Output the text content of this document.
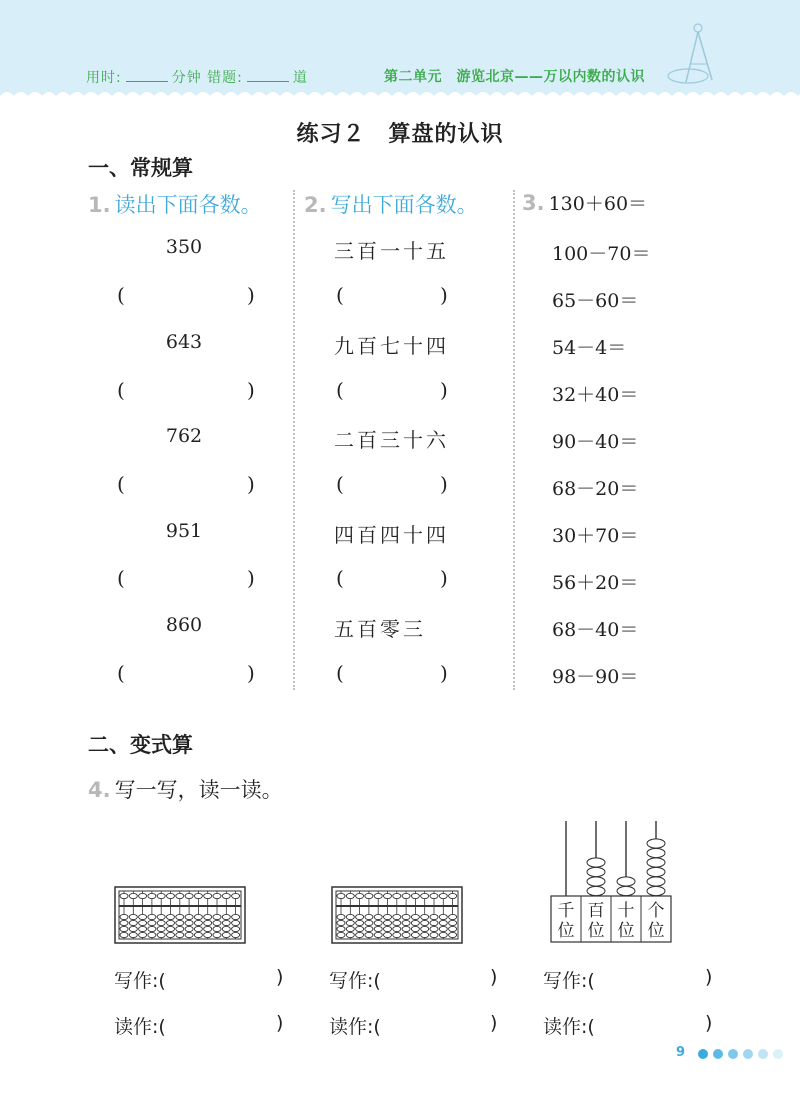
用时:	分钟 错题:	道	第二单元　游览北京——万以内数的认识
练习２　算盘的认识
一、常规算
1. 读出下面各数。 2. 写出下面各数。 3. 130＋60＝
350
(	)
643
(	)
762
(	)
951
(	)
860
(	)
三百一十五
(	)
九百七十四
(	)
二百三十六
(	)
四百四十四
(	)
五百零三
(	)
100－70＝
65－60＝
54－4＝
32＋40＝
90－40＝
68－20＝
30＋70＝
56＋20＝
68－40＝
98－90＝
二、变式算
4. 写一写，读一读。
千
位
百
位
十
位
个
位
写作:(	)
读作:(	)
写作:(	)
读作:(	)
写作:(	)
读作:(	)
9
